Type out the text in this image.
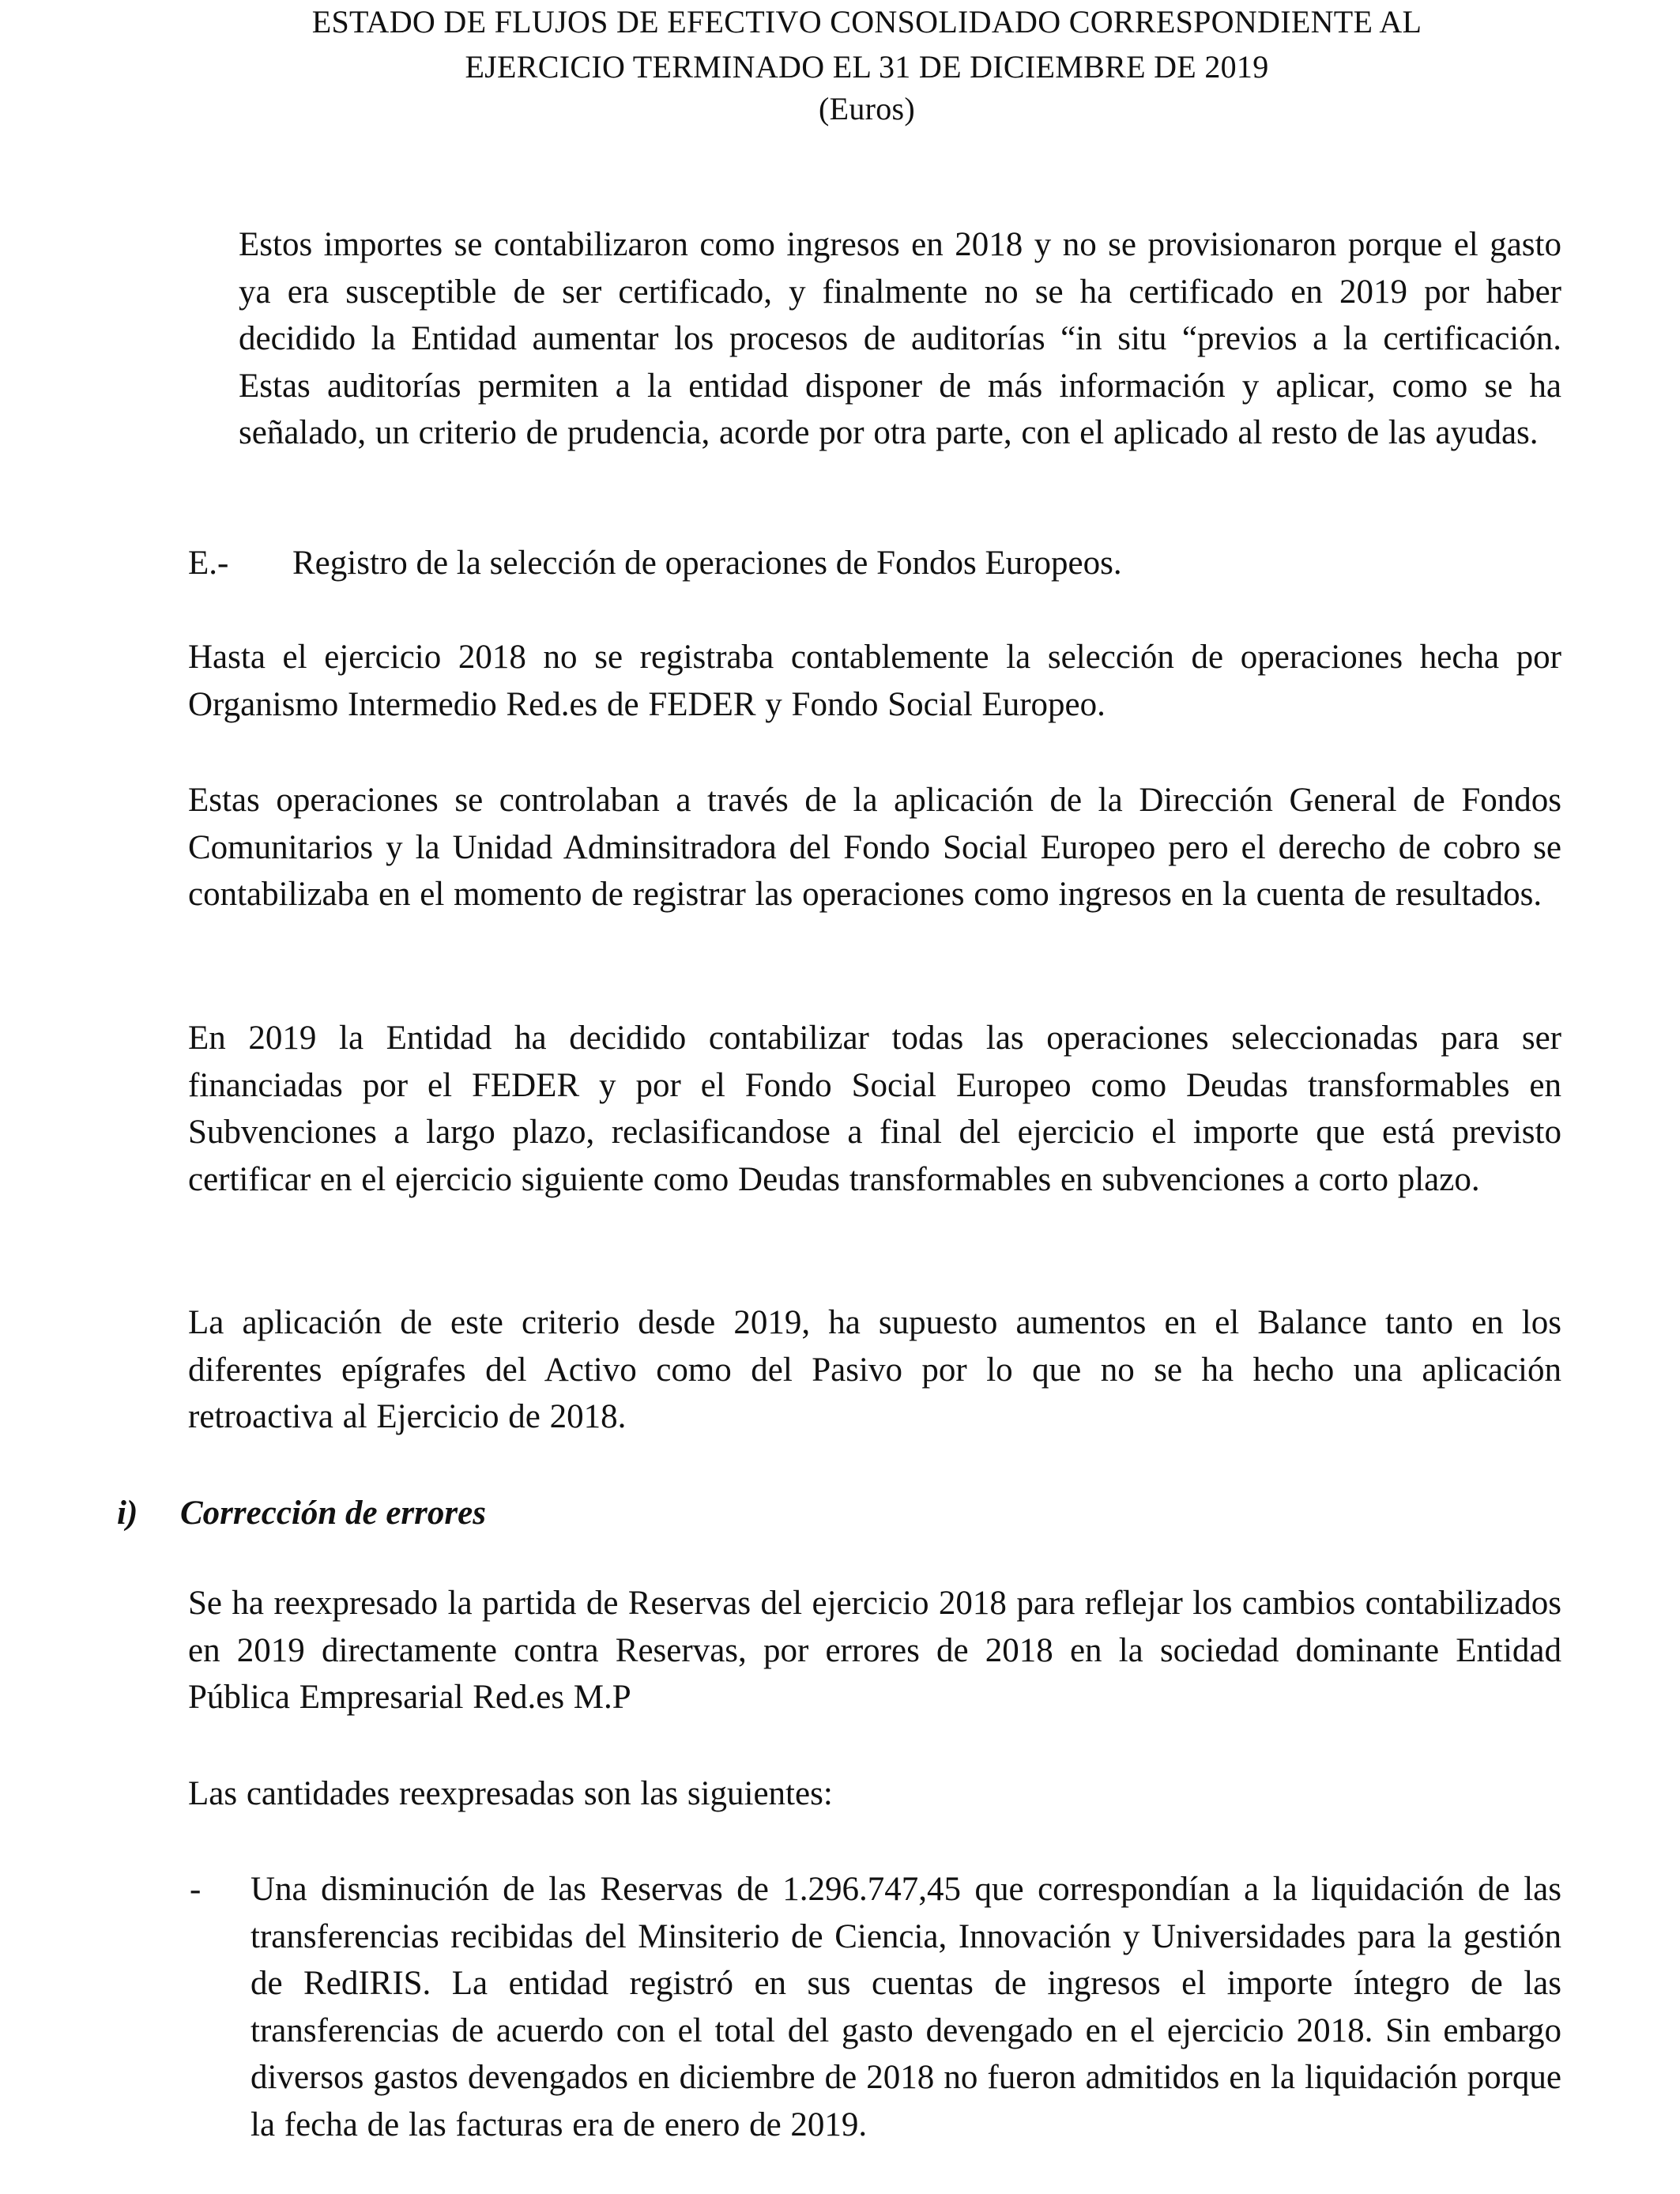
ESTADO DE FLUJOS DE EFECTIVO CONSOLIDADO CORRESPONDIENTE AL
EJERCICIO TERMINADO EL 31 DE DICIEMBRE DE 2019
(Euros)
Estos importes se contabilizaron como ingresos en 2018 y no se provisionaron porque el gasto ya era susceptible de ser certificado, y finalmente no se ha certificado en 2019 por haber decidido la Entidad aumentar los procesos de auditorías “in situ “previos a la certificación. Estas auditorías permiten a la entidad disponer de más información y aplicar, como se ha señalado, un criterio de prudencia, acorde por otra parte, con el aplicado al resto de las ayudas.
E.- Registro de la selección de operaciones de Fondos Europeos.
Hasta el ejercicio 2018 no se registraba contablemente la selección de operaciones hecha por Organismo Intermedio Red.es de FEDER y Fondo Social Europeo.
Estas operaciones se controlaban a través de la aplicación de la Dirección General de Fondos Comunitarios y la Unidad Adminsitradora del Fondo Social Europeo pero el derecho de cobro se contabilizaba en el momento de registrar las operaciones como ingresos en la cuenta de resultados.
En 2019 la Entidad ha decidido contabilizar todas las operaciones seleccionadas para ser financiadas por el FEDER y por el Fondo Social Europeo como Deudas transformables en Subvenciones a largo plazo, reclasificandose a final del ejercicio el importe que está previsto certificar en el ejercicio siguiente como Deudas transformables en subvenciones a corto plazo.
La aplicación de este criterio desde 2019, ha supuesto aumentos en el Balance tanto en los diferentes epígrafes del Activo como del Pasivo por lo que no se ha hecho una aplicación retroactiva al Ejercicio de 2018.
i) Corrección de errores
Se ha reexpresado la partida de Reservas del ejercicio 2018 para reflejar los cambios contabilizados en 2019 directamente contra Reservas, por errores de 2018 en la sociedad dominante Entidad Pública Empresarial Red.es M.P
Las cantidades reexpresadas son las siguientes:
- Una disminución de las Reservas de 1.296.747,45 que correspondían a la liquidación de las transferencias recibidas del Minsiterio de Ciencia, Innovación y Universidades para la gestión de RedIRIS. La entidad registró en sus cuentas de ingresos el importe íntegro de las transferencias de acuerdo con el total del gasto devengado en el ejercicio 2018. Sin embargo diversos gastos devengados en diciembre de 2018 no fueron admitidos en la liquidación porque la fecha de las facturas era de enero de 2019.
